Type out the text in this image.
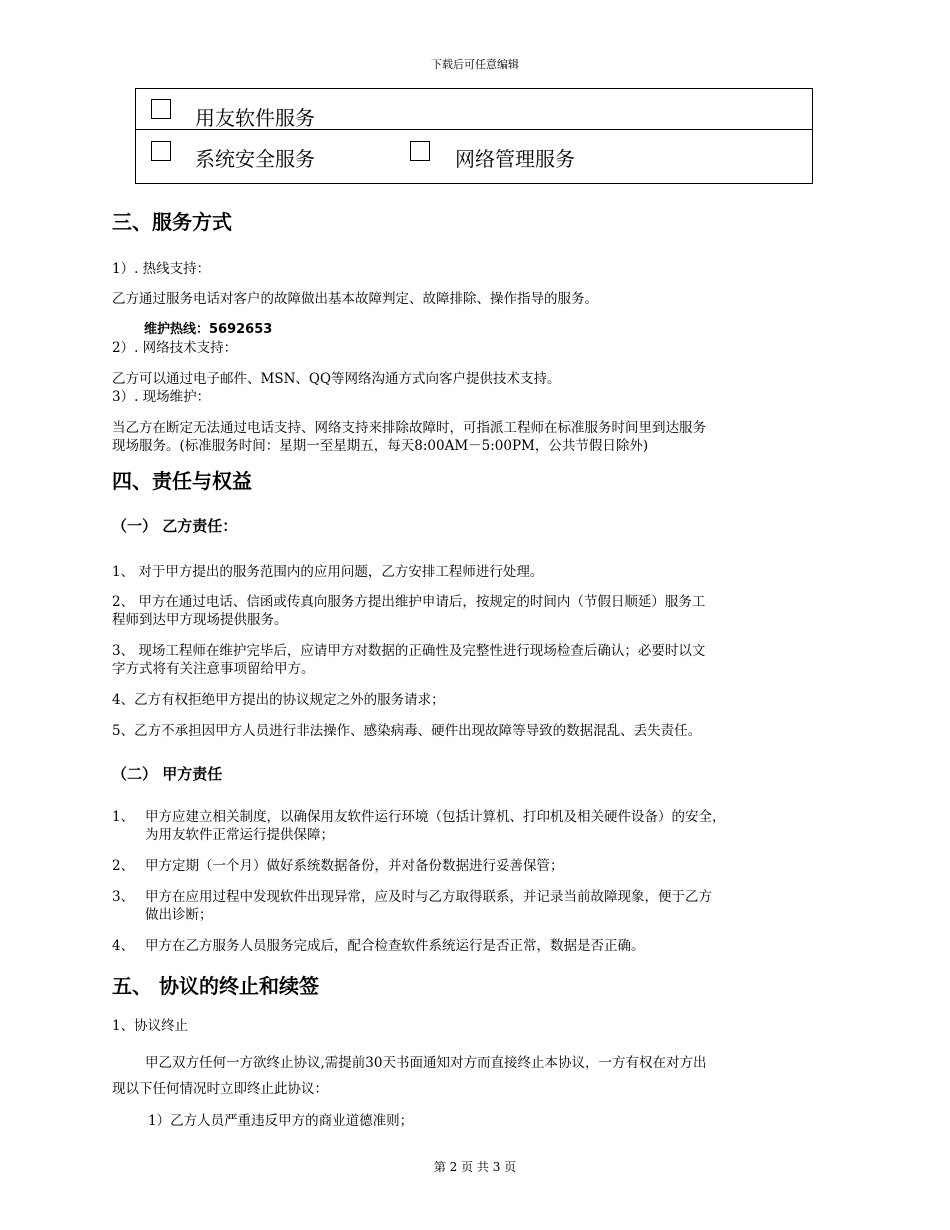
下载后可任意编辑
用友软件服务
系统安全服务	网络管理服务
三、服务方式
1）. 热线支持：
乙方通过服务电话对客户的故障做出基本故障判定、故障排除、操作指导的服务。
维护热线：5692653
2）. 网络技术支持：
乙方可以通过电子邮件、MSN、QQ等网络沟通方式向客户提供技术支持。
3）. 现场维护：
当乙方在断定无法通过电话支持、网络支持来排除故障时，可指派工程师在标准服务时间里到达服务
现场服务。(标准服务时间：星期一至星期五，每天8:00AM－5:00PM，公共节假日除外)
四、责任与权益
（一） 乙方责任：
1、 对于甲方提出的服务范围内的应用问题，乙方安排工程师进行处理。
2、 甲方在通过电话、信函或传真向服务方提出维护申请后，按规定的时间内（节假日顺延）服务工
程师到达甲方现场提供服务。
3、 现场工程师在维护完毕后，应请甲方对数据的正确性及完整性进行现场检查后确认；必要时以文
字方式将有关注意事项留给甲方。
4、乙方有权拒绝甲方提出的协议规定之外的服务请求；
5、乙方不承担因甲方人员进行非法操作、感染病毒、硬件出现故障等导致的数据混乱、丢失责任。
（二） 甲方责任
1、 甲方应建立相关制度，以确保用友软件运行环境（包括计算机、打印机及相关硬件设备）的安全，
为用友软件正常运行提供保障；
2、 甲方定期（一个月）做好系统数据备份，并对备份数据进行妥善保管；
3、 甲方在应用过程中发现软件出现异常，应及时与乙方取得联系，并记录当前故障现象，便于乙方
做出诊断；
4、 甲方在乙方服务人员服务完成后，配合检查软件系统运行是否正常，数据是否正确。
五、 协议的终止和续签
1、协议终止
甲乙双方任何一方欲终止协议,需提前30天书面通知对方而直接终止本协议，一方有权在对方出
现以下任何情况时立即终止此协议：
1）乙方人员严重违反甲方的商业道德准则；
第 2 页 共 3 页
